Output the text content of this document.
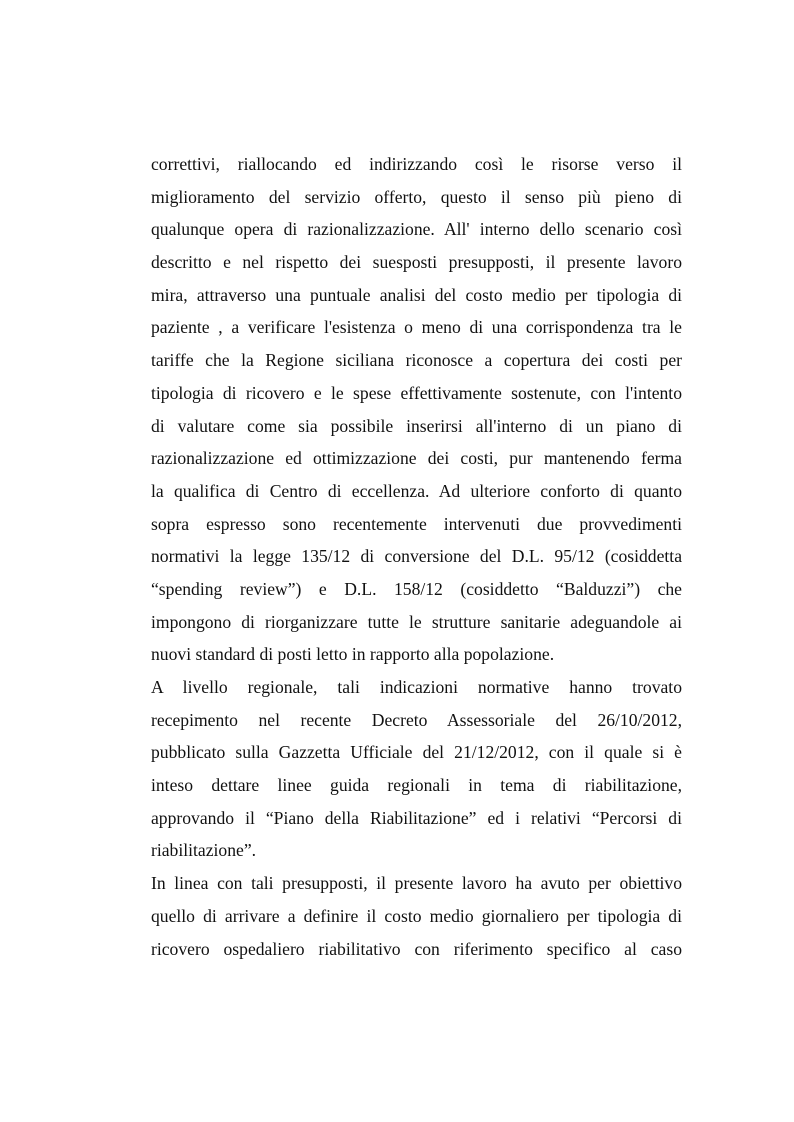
correttivi, riallocando ed indirizzando così le risorse verso il
miglioramento del servizio offerto, questo il senso più pieno di
qualunque opera di razionalizzazione. All' interno dello scenario così
descritto e nel rispetto dei suesposti presupposti, il presente lavoro
mira, attraverso una puntuale analisi del costo medio per tipologia di
paziente , a verificare l'esistenza o meno di una corrispondenza tra le
tariffe che la Regione siciliana riconosce a copertura dei costi per
tipologia di ricovero e le spese effettivamente sostenute, con l'intento
di valutare come sia possibile inserirsi all'interno di un piano di
razionalizzazione ed ottimizzazione dei costi, pur mantenendo ferma
la qualifica di Centro di eccellenza. Ad ulteriore conforto di quanto
sopra espresso sono recentemente intervenuti due provvedimenti
normativi la legge 135/12 di conversione del D.L. 95/12 (cosiddetta
“spending review”) e D.L. 158/12 (cosiddetto “Balduzzi”) che
impongono di riorganizzare tutte le strutture sanitarie adeguandole ai
nuovi standard di posti letto in rapporto alla popolazione.
A livello regionale, tali indicazioni normative hanno trovato
recepimento nel recente Decreto Assessoriale del 26/10/2012,
pubblicato sulla Gazzetta Ufficiale del 21/12/2012, con il quale si è
inteso dettare linee guida regionali in tema di riabilitazione,
approvando il “Piano della Riabilitazione” ed i relativi “Percorsi di
riabilitazione”.
In linea con tali presupposti, il presente lavoro ha avuto per obiettivo
quello di arrivare a definire il costo medio giornaliero per tipologia di
ricovero ospedaliero riabilitativo con riferimento specifico al caso
